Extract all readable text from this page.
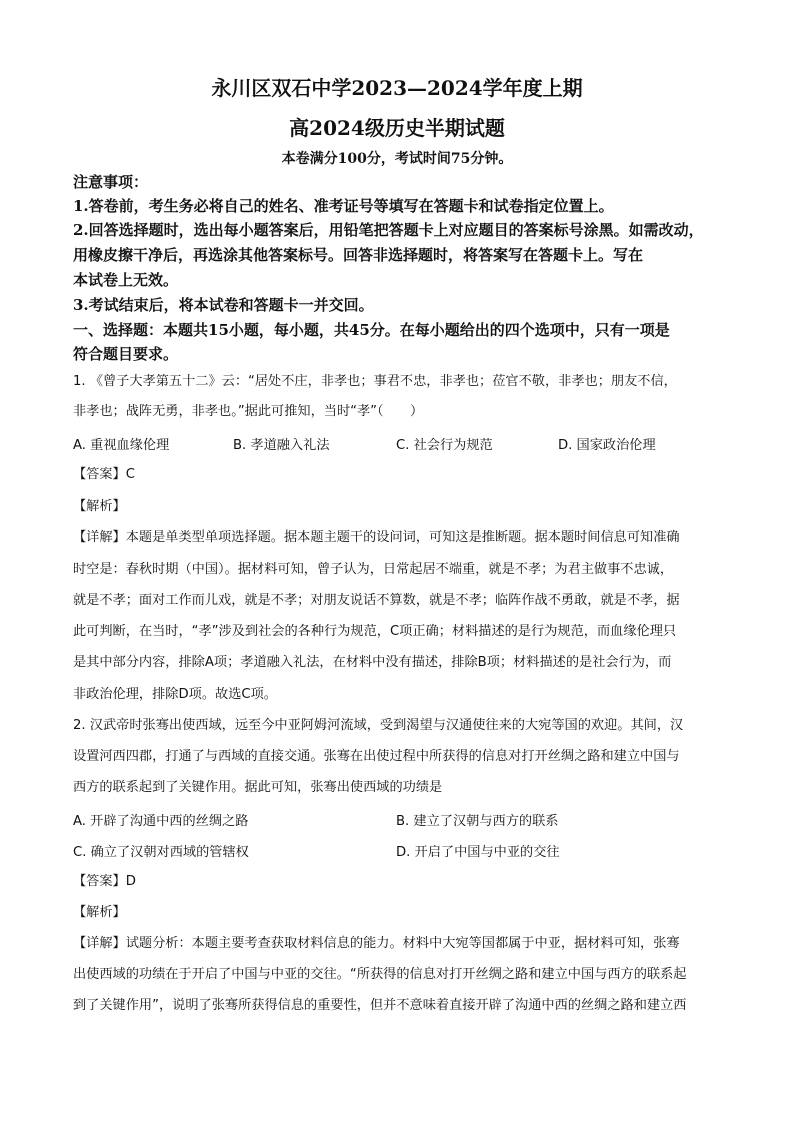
永川区双石中学2023—2024学年度上期
高2024级历史半期试题
本卷满分100分，考试时间75分钟。
注意事项：
1.答卷前，考生务必将自己的姓名、准考证号等填写在答题卡和试卷指定位置上。
2.回答选择题时，选出每小题答案后，用铅笔把答题卡上对应题目的答案标号涂黑。如需改动，
用橡皮擦干净后，再选涂其他答案标号。回答非选择题时，将答案写在答题卡上。写在
本试卷上无效。
3.考试结束后，将本试卷和答题卡一并交回。
一、选择题：本题共15小题，每小题，共45分。在每小题给出的四个选项中，只有一项是
符合题目要求。
1. 《曾子大孝第五十二》云：“居处不庄，非孝也；事君不忠，非孝也；莅官不敬，非孝也；朋友不信，
非孝也；战阵无勇，非孝也。”据此可推知，当时“孝”（　　）
A. 重视血缘伦理	B. 孝道融入礼法	C. 社会行为规范	D. 国家政治伦理
【答案】C
【解析】
【详解】本题是单类型单项选择题。据本题主题干的设问词，可知这是推断题。据本题时间信息可知准确
时空是：春秋时期（中国）。据材料可知，曾子认为，日常起居不端重，就是不孝；为君主做事不忠诚，
就是不孝；面对工作而儿戏，就是不孝；对朋友说话不算数，就是不孝；临阵作战不勇敢，就是不孝，据
此可判断，在当时，“孝”涉及到社会的各种行为规范，C项正确；材料描述的是行为规范，而血缘伦理只
是其中部分内容，排除A项；孝道融入礼法，在材料中没有描述，排除B项；材料描述的是社会行为，而
非政治伦理，排除D项。故选C项。
2. 汉武帝时张骞出使西域，远至今中亚阿姆河流域，受到渴望与汉通使往来的大宛等国的欢迎。其间，汉
设置河西四郡，打通了与西域的直接交通。张骞在出使过程中所获得的信息对打开丝绸之路和建立中国与
西方的联系起到了关键作用。据此可知，张骞出使西域的功绩是
A. 开辟了沟通中西的丝绸之路	B. 建立了汉朝与西方的联系
C. 确立了汉朝对西域的管辖权	D. 开启了中国与中亚的交往
【答案】D
【解析】
【详解】试题分析：本题主要考查获取材料信息的能力。材料中大宛等国都属于中亚，据材料可知，张骞
出使西域的功绩在于开启了中国与中亚的交往。“所获得的信息对打开丝绸之路和建立中国与西方的联系起
到了关键作用”，说明了张骞所获得信息的重要性，但并不意味着直接开辟了沟通中西的丝绸之路和建立西
